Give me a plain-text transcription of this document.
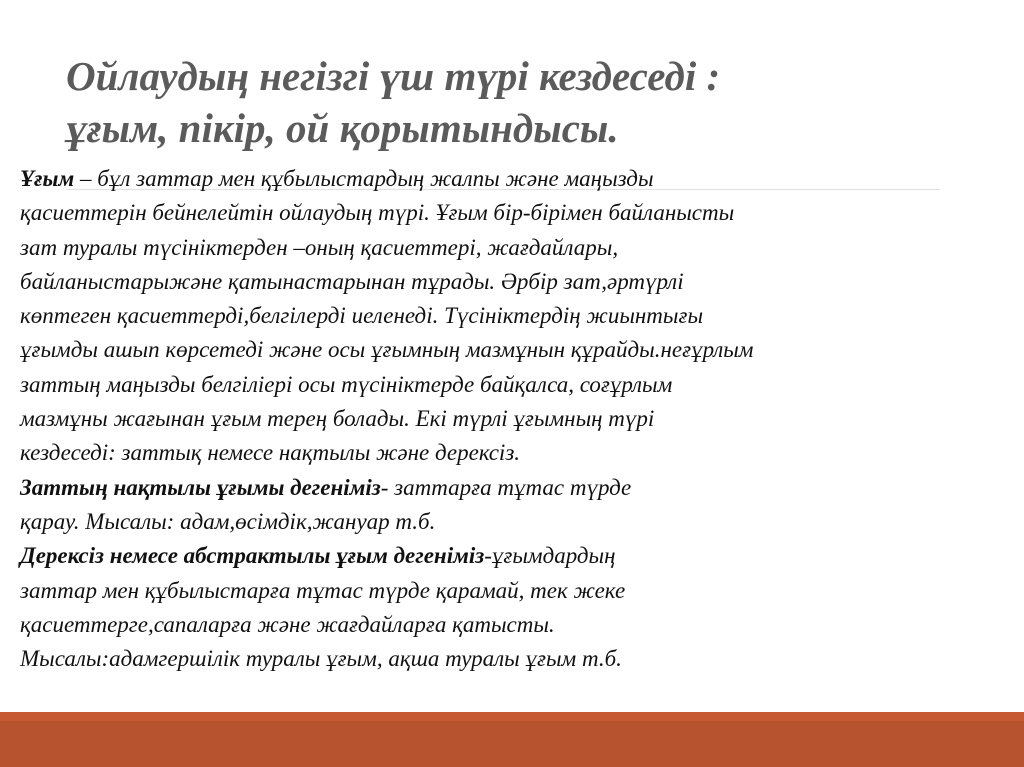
Ойлаудың негізгі үш түрі кездеседі :
ұғым, пікір, ой қорытындысы.
Ұғым – бұл заттар мен құбылыстардың жалпы және маңызды
қасиеттерін бейнелейтін ойлаудың түрі. Ұғым бір-бірімен байланысты
зат туралы түсініктерден –оның қасиеттері, жағдайлары,
байланыстарыжәне қатынастарынан тұрады. Әрбір зат,әртүрлі
көптеген қасиеттерді,белгілерді иеленеді. Түсініктердің жиынтығы
ұғымды ашып көрсетеді және осы ұғымның мазмұнын құрайды.неғұрлым
заттың маңызды белгіліері осы түсініктерде байқалса, соғұрлым
мазмұны жағынан ұғым терең болады. Екі түрлі ұғымның түрі
кездеседі: заттық немесе нақтылы және дерексіз.
Заттың нақтылы ұғымы дегеніміз- заттарға тұтас түрде
қарау. Мысалы: адам,өсімдік,жануар т.б.
Дерексіз немесе абстрактылы ұғым дегеніміз-ұғымдардың
заттар мен құбылыстарға тұтас түрде қарамай, тек жеке
қасиеттерге,сапаларға және жағдайларға қатысты.
Мысалы:адамгершілік туралы ұғым, ақша туралы ұғым т.б.
